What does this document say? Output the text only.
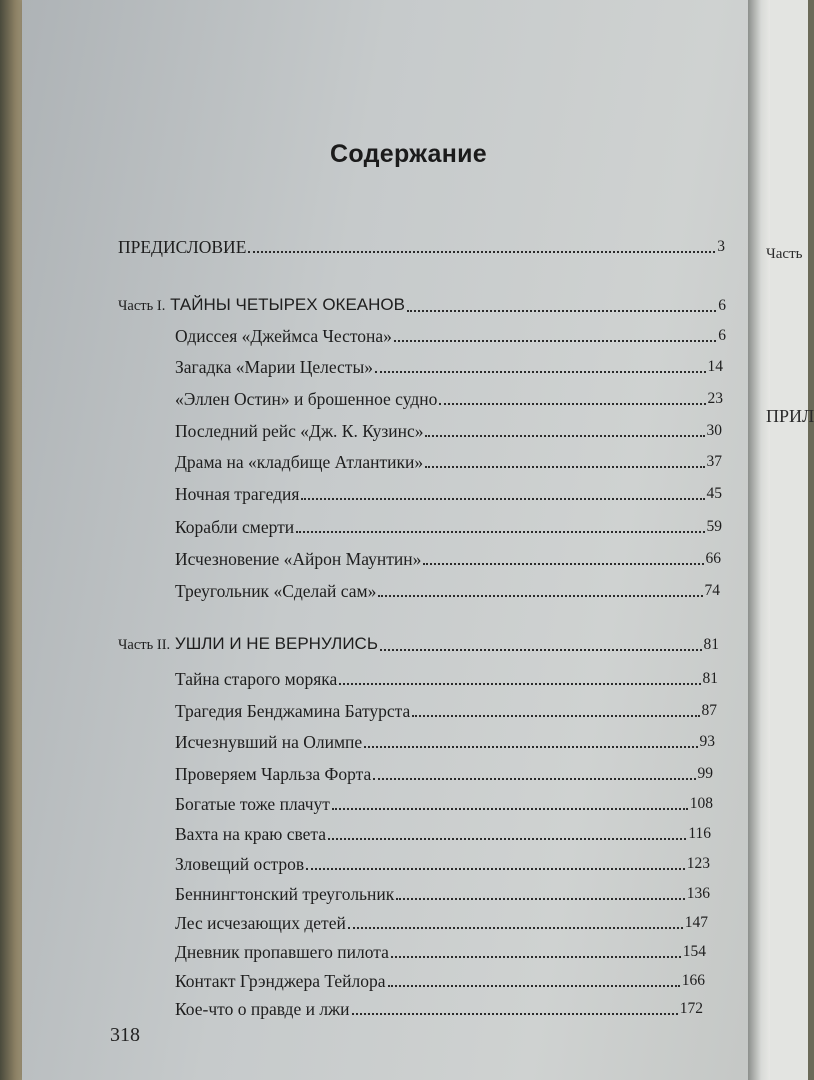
Содержание
ПРЕДИСЛОВИЕ	3
Часть I. ТАЙНЫ ЧЕТЫРЕХ ОКЕАНОВ	6
Одиссея «Джеймса Честона»	6
Загадка «Марии Целесты»	14
«Эллен Остин» и брошенное судно	23
Последний рейс «Дж. К. Кузинс»	30
Драма на «кладбище Атлантики»	37
Ночная трагедия	45
Корабли смерти	59
Исчезновение «Айрон Маунтин»	66
Треугольник «Сделай сам»	74
Часть II. УШЛИ И НЕ ВЕРНУЛИСЬ	81
Тайна старого моряка	81
Трагедия Бенджамина Батурста	87
Исчезнувший на Олимпе	93
Проверяем Чарльза Форта	99
Богатые тоже плачут	108
Вахта на краю света	116
Зловещий остров	123
Беннингтонский треугольник	136
Лес исчезающих детей	147
Дневник пропавшего пилота	154
Контакт Грэнджера Тейлора	166
Кое-что о правде и лжи	172
318
Часть
ПРИЛ
